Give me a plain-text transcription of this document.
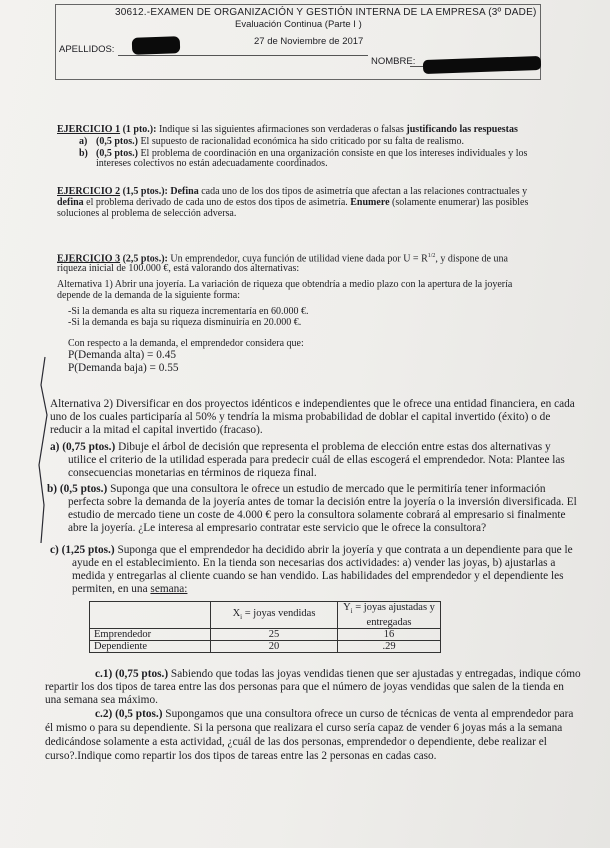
30612.-EXAMEN DE ORGANIZACIÓN Y GESTIÓN INTERNA DE LA EMPRESA (3º DADE)
Evaluación Continua (Parte I )
27 de Noviembre de 2017
APELLIDOS:
NOMBRE:
EJERCICIO 1 (1 pto.): Indique si las siguientes afirmaciones son verdaderas o falsas justificando las respuestas
a) (0,5 ptos.) El supuesto de racionalidad económica ha sido criticado por su falta de realismo.
b) (0,5 ptos.) El problema de coordinación en una organización consiste en que los intereses individuales y los
intereses colectivos no están adecuadamente coordinados.
EJERCICIO 2 (1,5 ptos.): Defina cada uno de los dos tipos de asimetría que afectan a las relaciones contractuales y
defina el problema derivado de cada uno de estos dos tipos de asimetría. Enumere (solamente enumerar) las posibles
soluciones al problema de selección adversa.
EJERCICIO 3 (2,5 ptos.): Un emprendedor, cuya función de utilidad viene dada por $U = R^{1/2}$, y dispone de una
riqueza inicial de 100.000 €, está valorando dos alternativas:
Alternativa 1) Abrir una joyería. La variación de riqueza que obtendría a medio plazo con la apertura de la joyería
depende de la demanda de la siguiente forma:
-Si la demanda es alta su riqueza incrementaría en 60.000 €.
-Si la demanda es baja su riqueza disminuiría en 20.000 €.
Con respecto a la demanda, el emprendedor considera que:
P(Demanda alta) = 0.45
P(Demanda baja) = 0.55
Alternativa 2) Diversificar en dos proyectos idénticos e independientes que le ofrece una entidad financiera, en cada
uno de los cuales participaría al 50% y tendría la misma probabilidad de doblar el capital invertido (éxito) o de
reducir a la mitad el capital invertido (fracaso).
a) (0,75 ptos.) Dibuje el árbol de decisión que representa el problema de elección entre estas dos alternativas y
utilice el criterio de la utilidad esperada para predecir cuál de ellas escogerá el emprendedor. Nota: Plantee las
consecuencias monetarias en términos de riqueza final.
b) (0,5 ptos.) Suponga que una consultora le ofrece un estudio de mercado que le permitiría tener información
perfecta sobre la demanda de la joyería antes de tomar la decisión entre la joyería o la inversión diversificada. El
estudio de mercado tiene un coste de 4.000 € pero la consultora solamente cobrará al empresario si finalmente
abre la joyería. ¿Le interesa al empresario contratar este servicio que le ofrece la consultora?
c) (1,25 ptos.) Suponga que el emprendedor ha decidido abrir la joyería y que contrata a un dependiente para que le
ayude en el establecimiento. En la tienda son necesarias dos actividades: a) vender las joyas, b) ajustarlas a
medida y entregarlas al cliente cuando se han vendido. Las habilidades del emprendedor y el dependiente les
permiten, en una semana:
	$X_i$ = joyas vendidas	$Y_i$ = joyas ajustadas y
entregadas
Emprendedor	25	16
Dependiente	20	.29
c.1) (0,75 ptos.) Sabiendo que todas las joyas vendidas tienen que ser ajustadas y entregadas, indique cómo
repartir los dos tipos de tarea entre las dos personas para que el número de joyas vendidas que salen de la tienda en
una semana sea máximo.
c.2) (0,5 ptos.) Supongamos que una consultora ofrece un curso de técnicas de venta al emprendedor para
él mismo o para su dependiente. Si la persona que realizara el curso sería capaz de vender 6 joyas más a la semana
dedicándose solamente a esta actividad, ¿cuál de las dos personas, emprendedor o dependiente, debe realizar el
curso?.Indique como repartir los dos tipos de tareas entre las 2 personas en cadas caso.
